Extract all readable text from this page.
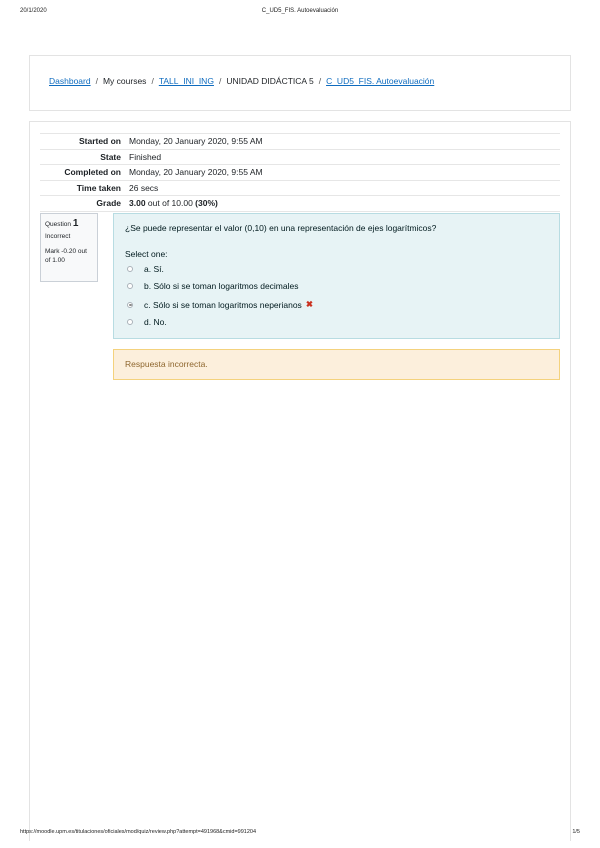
20/1/2020	C_UD5_FIS. Autoevaluación
Dashboard / My courses / TALL_INI_ING / UNIDAD DIDÁCTICA 5 / C_UD5_FIS. Autoevaluación
Started on Monday, 20 January 2020, 9:55 AM
State Finished
Completed on Monday, 20 January 2020, 9:55 AM
Time taken 26 secs
Grade 3.00 out of 10.00 (30%)
Question 1
Incorrect
Mark -0.20 out of 1.00
¿Se puede representar el valor (0,10) en una representación de ejes logarítmicos?
Select one:
a. Sí.
b. Sólo si se toman logaritmos decimales
c. Sólo si se toman logaritmos neperianos ✖
d. No.
Respuesta incorrecta.
https://moodle.upm.es/titulaciones/oficiales/mod/quiz/review.php?attempt=491968&cmid=991204	1/5
